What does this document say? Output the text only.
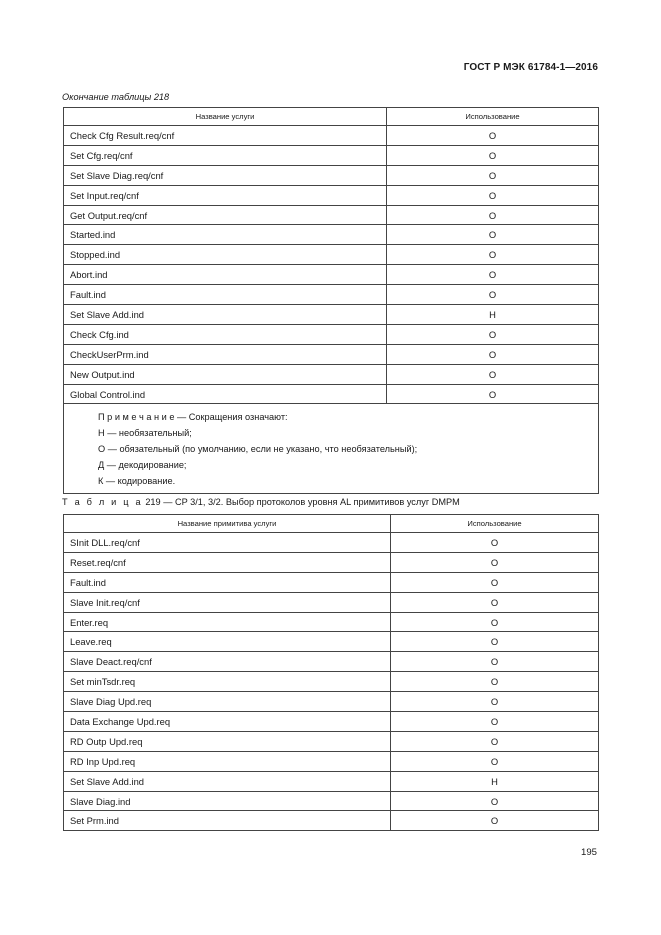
ГОСТ Р МЭК 61784-1—2016
Окончание таблицы 218
Название услуги	Использование
Check Cfg Result.req/cnf	O
Set Cfg.req/cnf	O
Set Slave Diag.req/cnf	O
Set Input.req/cnf	O
Get Output.req/cnf	O
Started.ind	O
Stopped.ind	O
Abort.ind	O
Fault.ind	O
Set Slave Add.ind	Н
Check Cfg.ind	O
CheckUserPrm.ind	O
New Output.ind	O
Global Control.ind	O

П р и м е ч а н и е — Сокращения означают:
Н — необязательный;
О — обязательный (по умолчанию, если не указано, что необязательный);
Д — декодирование;
К — кодирование.	
Т а б л и ц а 219 — CP 3/1, 3/2. Выбор протоколов уровня AL примитивов услуг DMPM
Название примитива услуги	Использование
SInit DLL.req/cnf	O
Reset.req/cnf	O
Fault.ind	O
Slave Init.req/cnf	O
Enter.req	O
Leave.req	O
Slave Deact.req/cnf	O
Set minTsdr.req	O
Slave Diag Upd.req	O
Data Exchange Upd.req	O
RD Outp Upd.req	O
RD Inp Upd.req	O
Set Slave Add.ind	Н
Slave Diag.ind	O
Set Prm.ind	O
195
